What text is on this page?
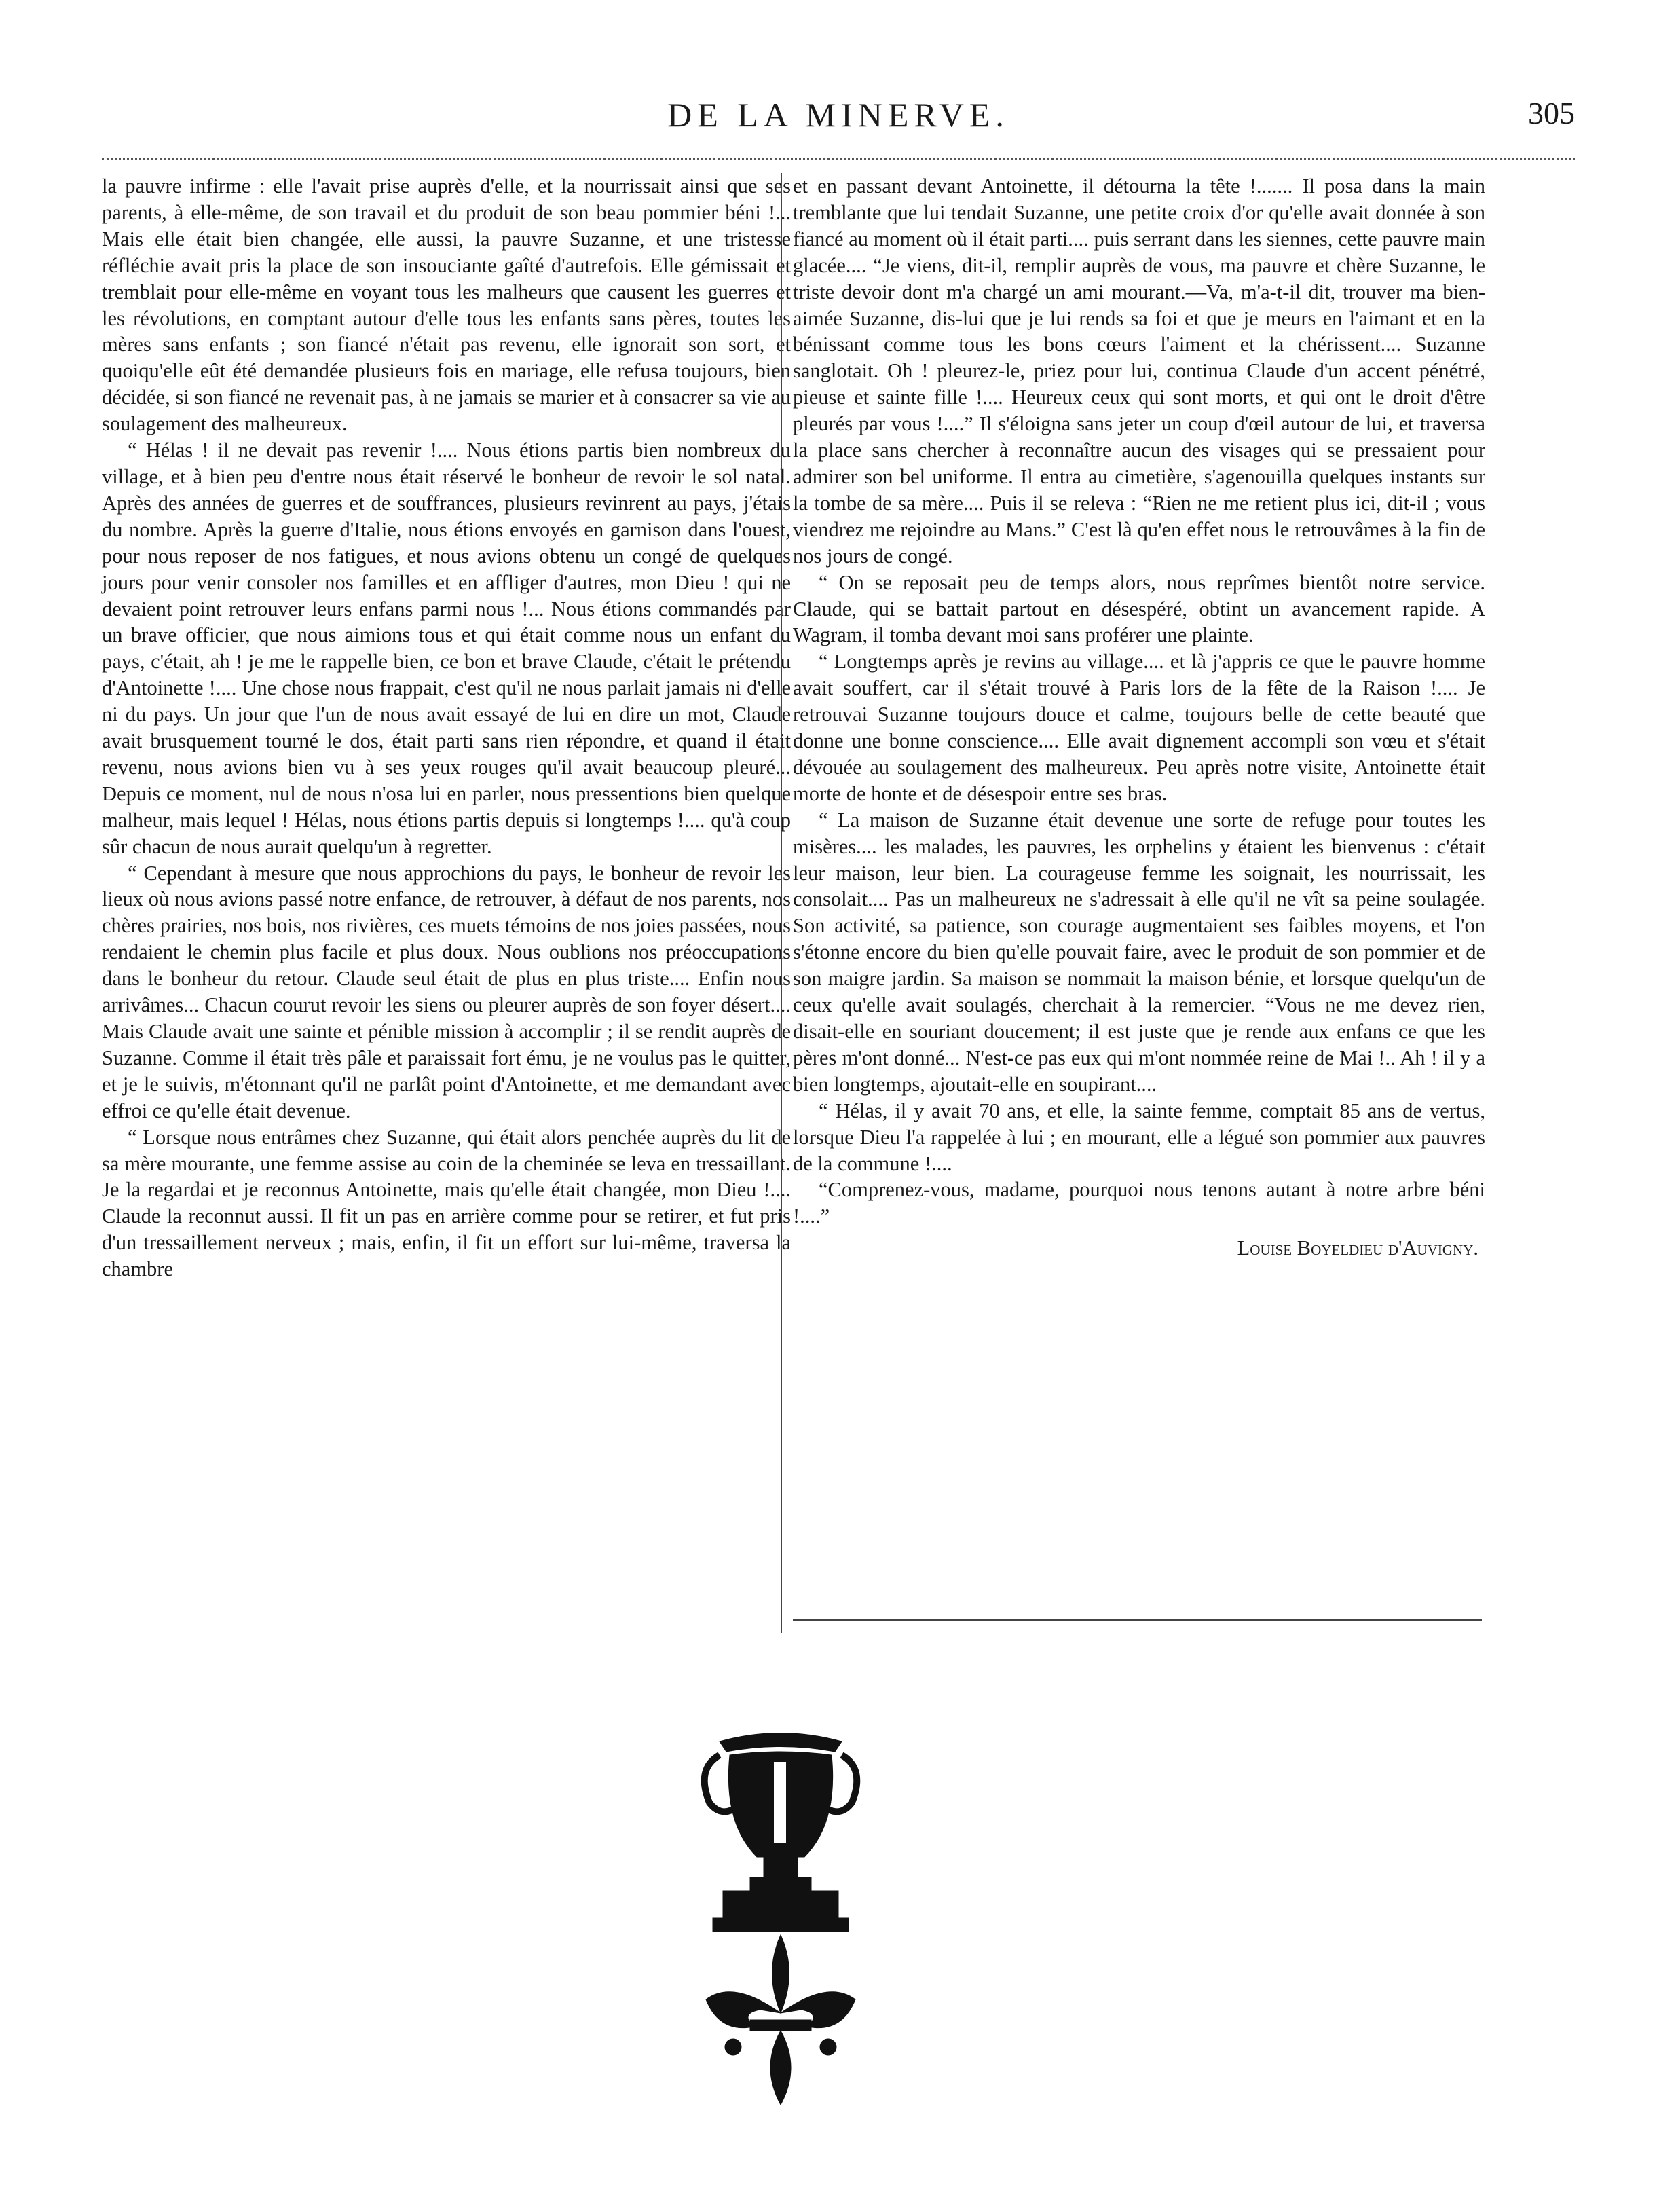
DE LA MINERVE.	305

la pauvre infirme : elle l'avait prise auprès d'elle, et la nourrissait ainsi que ses parents, à elle-même, de son travail et du produit de son beau pommier béni !... Mais elle était bien changée, elle aussi, la pauvre Suzanne, et une tristesse réfléchie avait pris la place de son insouciante gaîté d'autrefois. Elle gémissait et tremblait pour elle-même en voyant tous les malheurs que causent les guerres et les révolutions, en comptant autour d'elle tous les enfants sans pères, toutes les mères sans enfants ; son fiancé n'était pas revenu, elle ignorait son sort, et quoiqu'elle eût été demandée plusieurs fois en mariage, elle refusa toujours, bien décidée, si son fiancé ne revenait pas, à ne jamais se marier et à consacrer sa vie au soulagement des malheureux.

“ Hélas ! il ne devait pas revenir !.... Nous étions partis bien nombreux du village, et à bien peu d'entre nous était réservé le bonheur de revoir le sol natal. Après des années de guerres et de souffrances, plusieurs revinrent au pays, j'étais du nombre. Après la guerre d'Italie, nous étions envoyés en garnison dans l'ouest, pour nous reposer de nos fatigues, et nous avions obtenu un congé de quelques jours pour venir consoler nos familles et en affliger d'autres, mon Dieu ! qui ne devaient point retrouver leurs enfans parmi nous !... Nous étions commandés par un brave officier, que nous aimions tous et qui était comme nous un enfant du pays, c'était, ah ! je me le rappelle bien, ce bon et brave Claude, c'était le prétendu d'Antoinette !.... Une chose nous frappait, c'est qu'il ne nous parlait jamais ni d'elle ni du pays. Un jour que l'un de nous avait essayé de lui en dire un mot, Claude avait brusquement tourné le dos, était parti sans rien répondre, et quand il était revenu, nous avions bien vu à ses yeux rouges qu'il avait beaucoup pleuré... Depuis ce moment, nul de nous n'osa lui en parler, nous pressentions bien quelque malheur, mais lequel ! Hélas, nous étions partis depuis si longtemps !.... qu'à coup sûr chacun de nous aurait quelqu'un à regretter.

“ Cependant à mesure que nous approchions du pays, le bonheur de revoir les lieux où nous avions passé notre enfance, de retrouver, à défaut de nos parents, nos chères prairies, nos bois, nos rivières, ces muets témoins de nos joies passées, nous rendaient le chemin plus facile et plus doux. Nous oublions nos préoccupations dans le bonheur du retour. Claude seul était de plus en plus triste.... Enfin nous arrivâmes... Chacun courut revoir les siens ou pleurer auprès de son foyer désert.... Mais Claude avait une sainte et pénible mission à accomplir ; il se rendit auprès de Suzanne. Comme il était très pâle et paraissait fort ému, je ne voulus pas le quitter, et je le suivis, m'étonnant qu'il ne parlât point d'Antoinette, et me demandant avec effroi ce qu'elle était devenue.

“ Lorsque nous entrâmes chez Suzanne, qui était alors penchée auprès du lit de sa mère mourante, une femme assise au coin de la cheminée se leva en tressaillant. Je la regardai et je reconnus Antoinette, mais qu'elle était changée, mon Dieu !.... Claude la reconnut aussi. Il fit un pas en arrière comme pour se retirer, et fut pris d'un tressaillement nerveux ; mais, enfin, il fit un effort sur lui-même, traversa la chambre

et en passant devant Antoinette, il détourna la tête !....... Il posa dans la main tremblante que lui tendait Suzanne, une petite croix d'or qu'elle avait donnée à son fiancé au moment où il était parti.... puis serrant dans les siennes, cette pauvre main glacée.... “Je viens, dit-il, remplir auprès de vous, ma pauvre et chère Suzanne, le triste devoir dont m'a chargé un ami mourant.—Va, m'a-t-il dit, trouver ma bien-aimée Suzanne, dis-lui que je lui rends sa foi et que je meurs en l'aimant et en la bénissant comme tous les bons cœurs l'aiment et la chérissent.... Suzanne sanglotait. Oh ! pleurez-le, priez pour lui, continua Claude d'un accent pénétré, pieuse et sainte fille !.... Heureux ceux qui sont morts, et qui ont le droit d'être pleurés par vous !....” Il s'éloigna sans jeter un coup d'œil autour de lui, et traversa la place sans chercher à reconnaître aucun des visages qui se pressaient pour admirer son bel uniforme. Il entra au cimetière, s'agenouilla quelques instants sur la tombe de sa mère.... Puis il se releva : “Rien ne me retient plus ici, dit-il ; vous viendrez me rejoindre au Mans.” C'est là qu'en effet nous le retrouvâmes à la fin de nos jours de congé.

“ On se reposait peu de temps alors, nous reprîmes bientôt notre service. Claude, qui se battait partout en désespéré, obtint un avancement rapide. A Wagram, il tomba devant moi sans proférer une plainte.

“ Longtemps après je revins au village.... et là j'appris ce que le pauvre homme avait souffert, car il s'était trouvé à Paris lors de la fête de la Raison !.... Je retrouvai Suzanne toujours douce et calme, toujours belle de cette beauté que donne une bonne conscience.... Elle avait dignement accompli son vœu et s'était dévouée au soulagement des malheureux. Peu après notre visite, Antoinette était morte de honte et de désespoir entre ses bras.

“ La maison de Suzanne était devenue une sorte de refuge pour toutes les misères.... les malades, les pauvres, les orphelins y étaient les bienvenus : c'était leur maison, leur bien. La courageuse femme les soignait, les nourrissait, les consolait.... Pas un malheureux ne s'adressait à elle qu'il ne vît sa peine soulagée. Son activité, sa patience, son courage augmentaient ses faibles moyens, et l'on s'étonne encore du bien qu'elle pouvait faire, avec le produit de son pommier et de son maigre jardin. Sa maison se nommait la maison bénie, et lorsque quelqu'un de ceux qu'elle avait soulagés, cherchait à la remercier. “Vous ne me devez rien, disait-elle en souriant doucement; il est juste que je rende aux enfans ce que les pères m'ont donné... N'est-ce pas eux qui m'ont nommée reine de Mai !.. Ah ! il y a bien longtemps, ajoutait-elle en soupirant....

“ Hélas, il y avait 70 ans, et elle, la sainte femme, comptait 85 ans de vertus, lorsque Dieu l'a rappelée à lui ; en mourant, elle a légué son pommier aux pauvres de la commune !....

“Comprenez-vous, madame, pourquoi nous tenons autant à notre arbre béni !....”

Louise Boyeldieu d'Auvigny.
